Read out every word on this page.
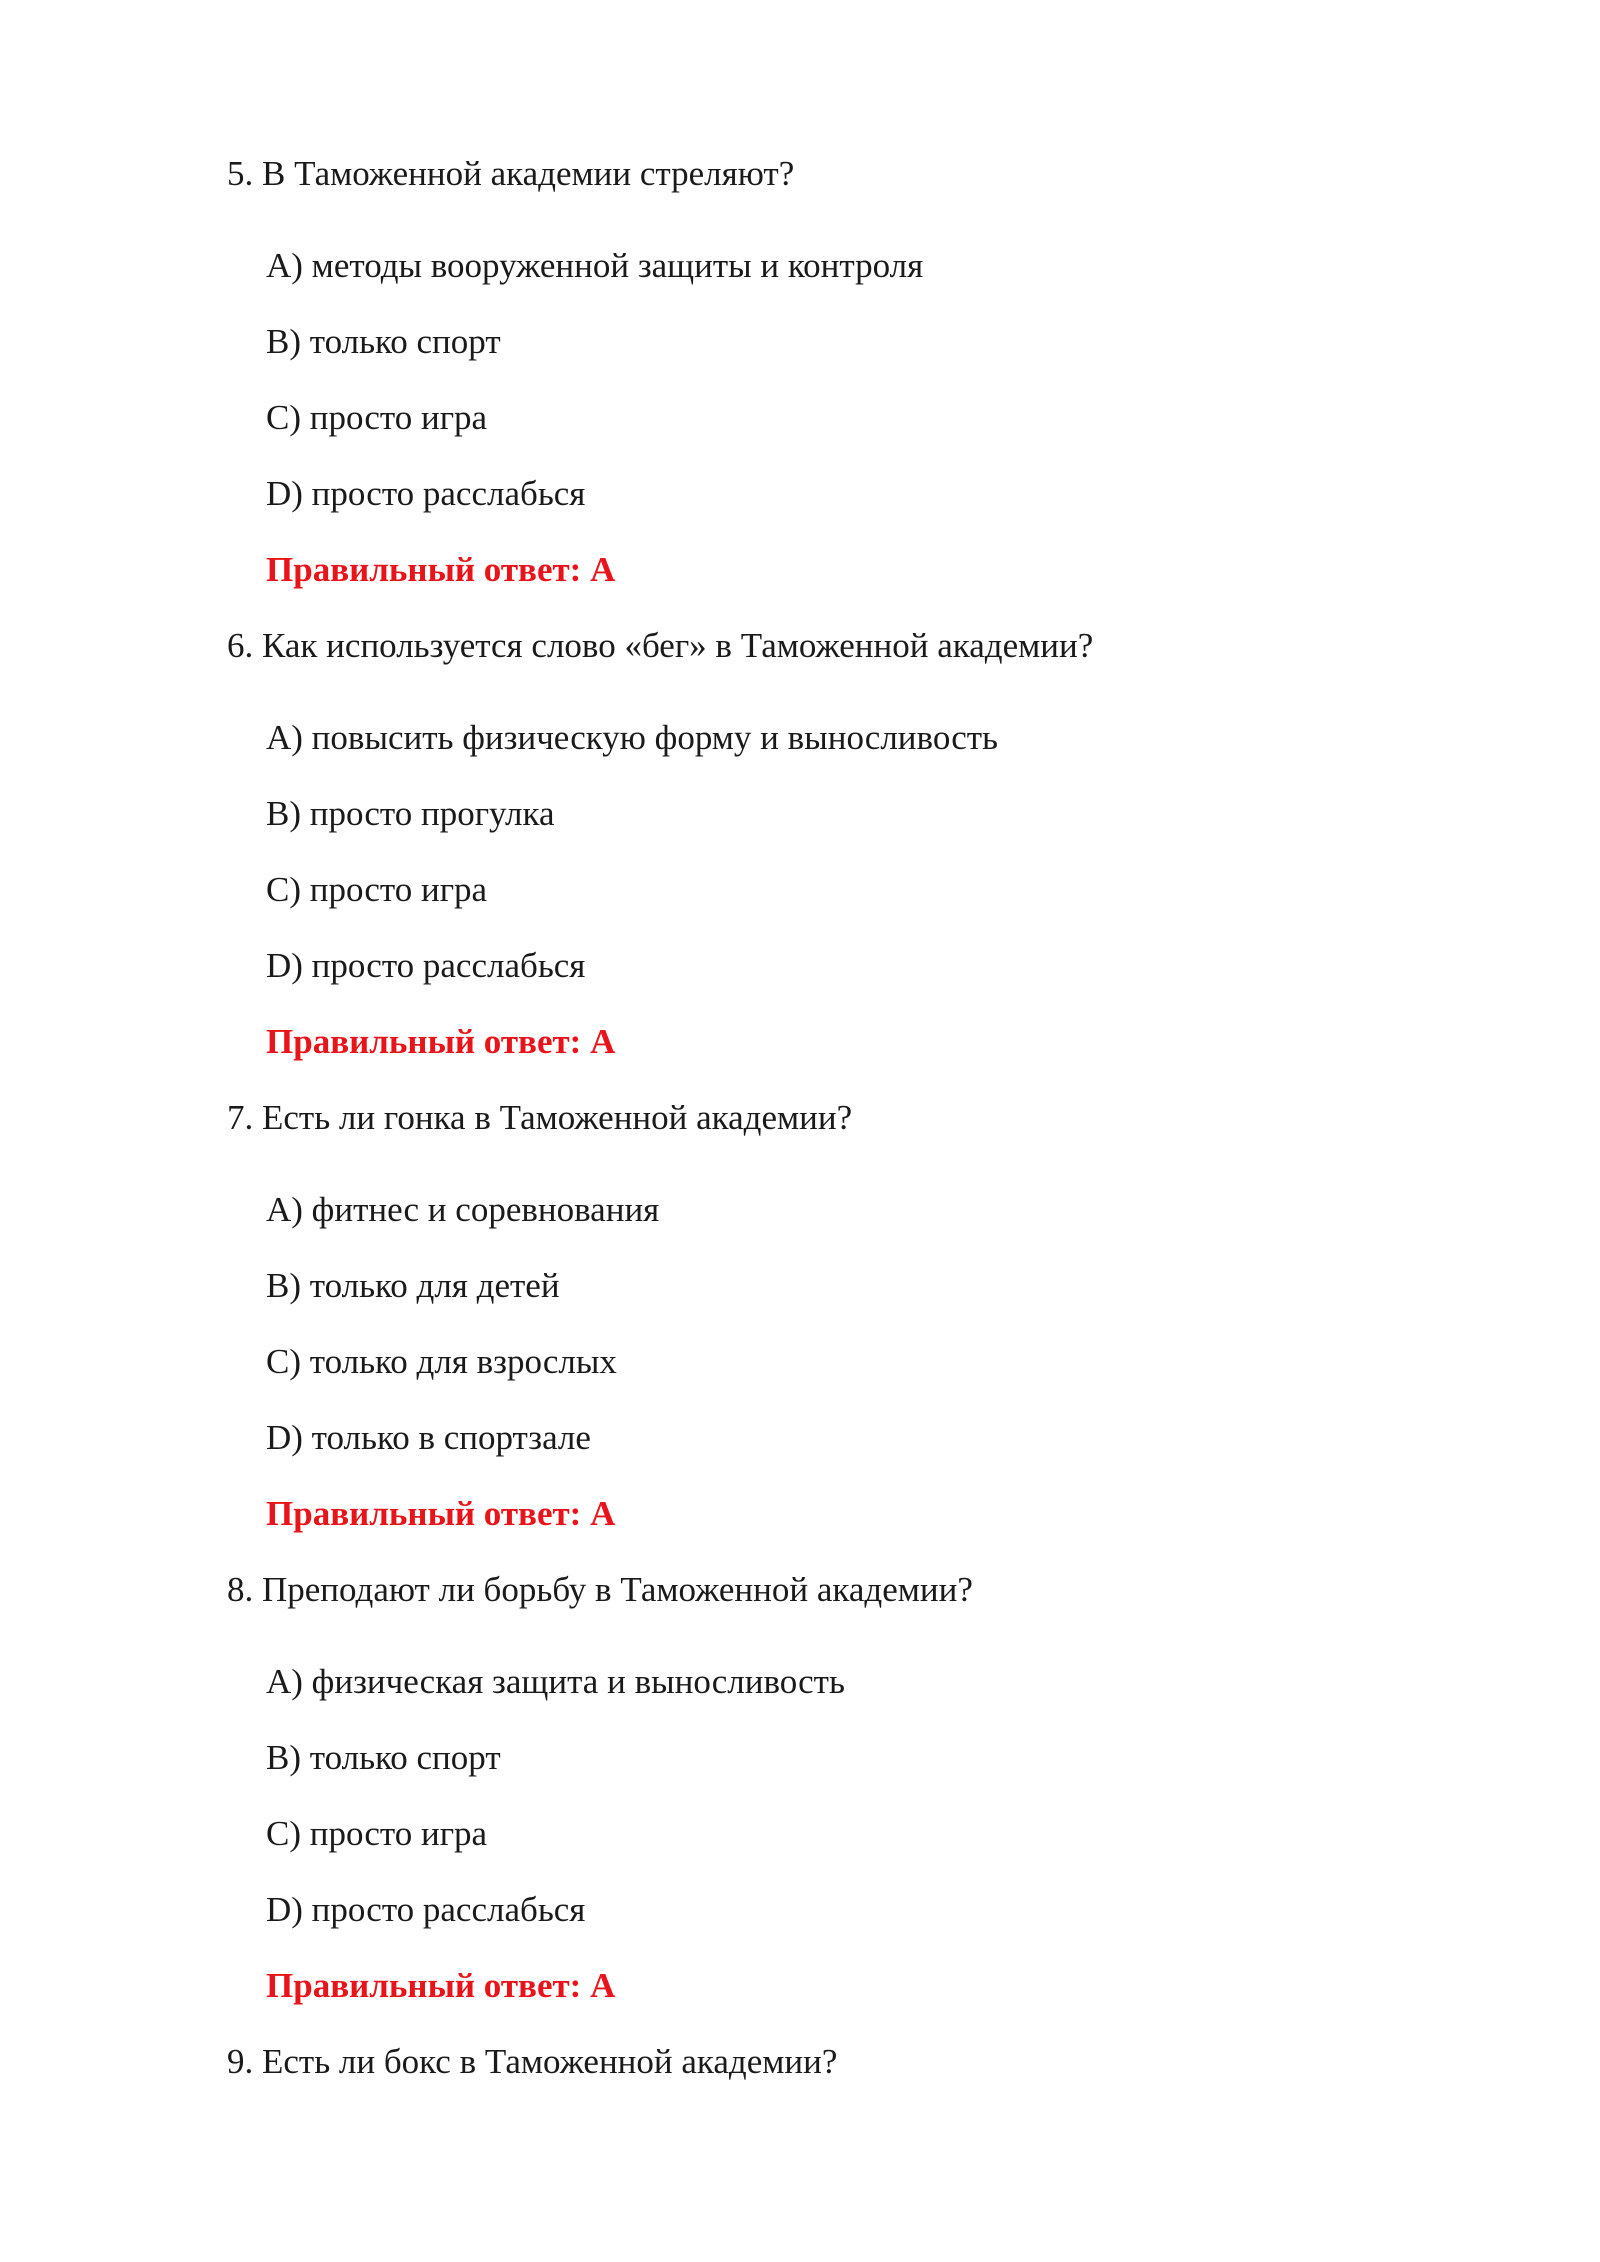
5. В Таможенной академии стреляют?
A) методы вооруженной защиты и контроля
B) только спорт
C) просто игра
D) просто расслабься
Правильный ответ: A
6. Как используется слово «бег» в Таможенной академии?
A) повысить физическую форму и выносливость
B) просто прогулка
C) просто игра
D) просто расслабься
Правильный ответ: A
7. Есть ли гонка в Таможенной академии?
A) фитнес и соревнования
B) только для детей
C) только для взрослых
D) только в спортзале
Правильный ответ: A
8. Преподают ли борьбу в Таможенной академии?
A) физическая защита и выносливость
B) только спорт
C) просто игра
D) просто расслабься
Правильный ответ: A
9. Есть ли бокс в Таможенной академии?
